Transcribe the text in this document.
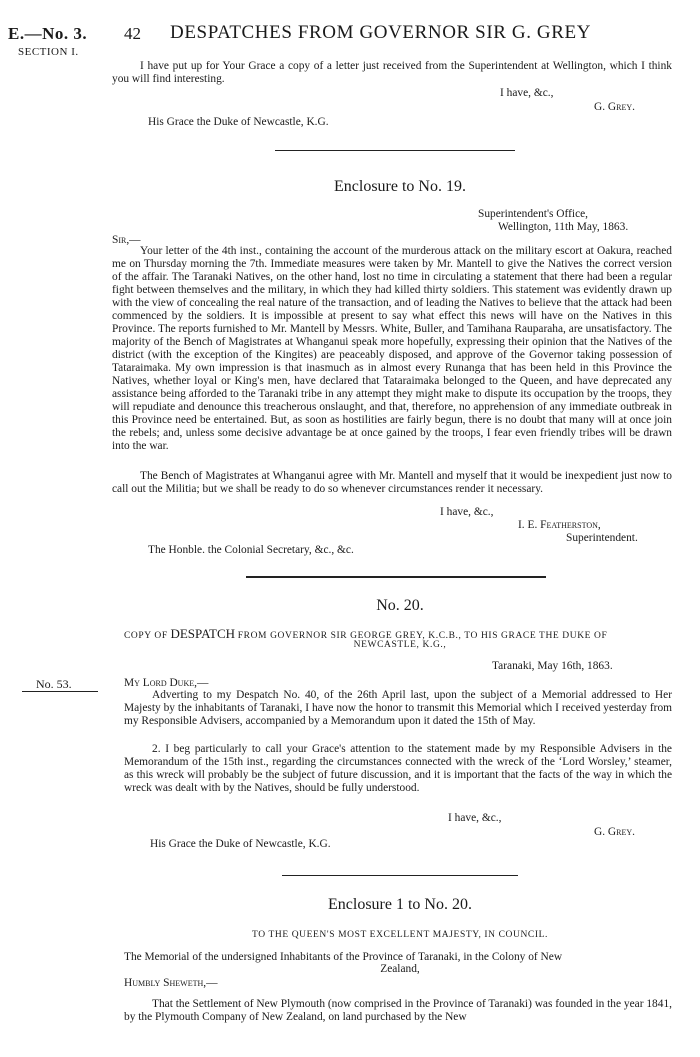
E.—No. 3.
SECTION I.
42 DESPATCHES FROM GOVERNOR SIR G. GREY
I have put up for Your Grace a copy of a letter just received from the Superintendent at Wellington, which I think you will find interesting.
I have, &c.,
G. Grey.
His Grace the Duke of Newcastle, K.G.
Enclosure to No. 19.
Superintendent's Office,
Wellington, 11th May, 1863.
Sir,—
Your letter of the 4th inst., containing the account of the murderous attack on the military escort at Oakura, reached me on Thursday morning the 7th. Immediate measures were taken by Mr. Mantell to give the Natives the correct version of the affair. The Taranaki Natives, on the other hand, lost no time in circulating a statement that there had been a regular fight between themselves and the military, in which they had killed thirty soldiers. This statement was evidently drawn up with the view of concealing the real nature of the transaction, and of leading the Natives to believe that the attack had been commenced by the soldiers. It is impossible at present to say what effect this news will have on the Natives in this Province. The reports furnished to Mr. Mantell by Messrs. White, Buller, and Tamihana Rauparaha, are unsatisfactory. The majority of the Bench of Magistrates at Whanganui speak more hopefully, expressing their opinion that the Natives of the district (with the exception of the Kingites) are peaceably disposed, and approve of the Governor taking possession of Tataraimaka. My own impression is that inasmuch as in almost every Runanga that has been held in this Province the Natives, whether loyal or King's men, have declared that Tataraimaka belonged to the Queen, and have deprecated any assistance being afforded to the Taranaki tribe in any attempt they might make to dispute its occupation by the troops, they will repudiate and denounce this treacherous onslaught, and that, therefore, no apprehension of any immediate outbreak in this Province need be entertained. But, as soon as hostilities are fairly begun, there is no doubt that many will at once join the rebels; and, unless some decisive advantage be at once gained by the troops, I fear even friendly tribes will be drawn into the war.
The Bench of Magistrates at Whanganui agree with Mr. Mantell and myself that it would be inexpedient just now to call out the Militia; but we shall be ready to do so whenever circumstances render it necessary.
I have, &c.,
I. E. Featherston,
Superintendent.
The Honble. the Colonial Secretary, &c., &c.
No. 20.
COPY OF DESPATCH FROM GOVERNOR SIR GEORGE GREY, K.C.B., TO HIS GRACE THE DUKE OF
NEWCASTLE, K.G.,
Taranaki, May 16th, 1863.
No. 53.	My Lord Duke,—
Adverting to my Despatch No. 40, of the 26th April last, upon the subject of a Memorial addressed to Her Majesty by the inhabitants of Taranaki, I have now the honor to transmit this Memorial which I received yesterday from my Responsible Advisers, accompanied by a Memorandum upon it dated the 15th of May.
2. I beg particularly to call your Grace's attention to the statement made by my Responsible Advisers in the Memorandum of the 15th inst., regarding the circumstances connected with the wreck of the ‘Lord Worsley,’ steamer, as this wreck will probably be the subject of future discussion, and it is important that the facts of the way in which the wreck was dealt with by the Natives, should be fully understood.
I have, &c.,
G. Grey.
His Grace the Duke of Newcastle, K.G.
Enclosure 1 to No. 20.
TO THE QUEEN'S MOST EXCELLENT MAJESTY, IN COUNCIL.
The Memorial of the undersigned Inhabitants of the Province of Taranaki, in the Colony of New
Zealand,
Humbly Sheweth,—
That the Settlement of New Plymouth (now comprised in the Province of Taranaki) was founded in the year 1841, by the Plymouth Company of New Zealand, on land purchased by the New
